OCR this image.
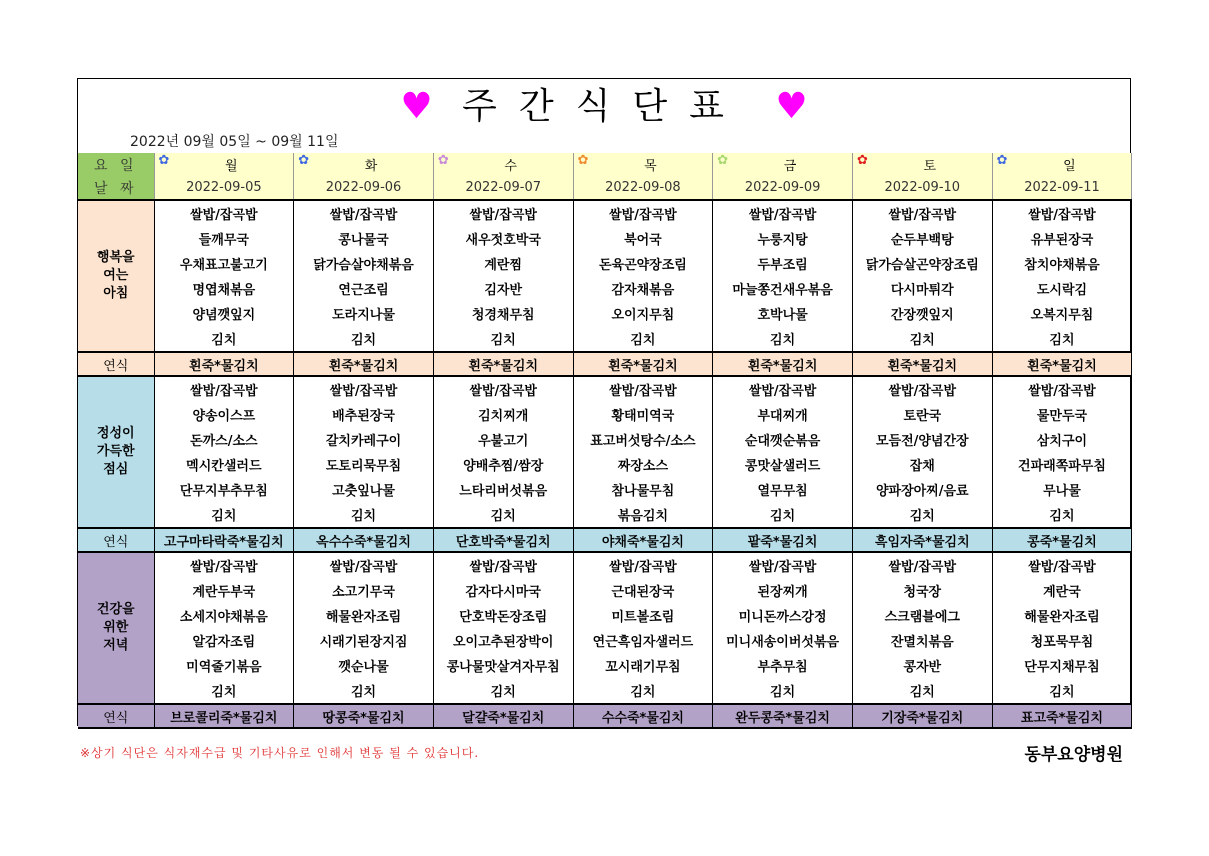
♥ 주간식단표 ♥
2022년 09월 05일 ~ 09월 11일
요 일	✿ 월	✿ 화	✿ 수	✿ 목	✿ 금	✿ 토	✿ 일
날 짜	2022-09-05	2022-09-06	2022-09-07	2022-09-08	2022-09-09	2022-09-10	2022-09-11
행복을
여는
아침	쌀밥/잡곡밥	쌀밥/잡곡밥	쌀밥/잡곡밥	쌀밥/잡곡밥	쌀밥/잡곡밥	쌀밥/잡곡밥	쌀밥/잡곡밥
	들깨무국	콩나물국	새우젓호박국	북어국	누룽지탕	순두부백탕	유부된장국
	우채표고불고기	닭가슴살야채볶음	계란찜	돈육곤약장조림	두부조림	닭가슴살곤약장조림	참치야채볶음
	명엽채볶음	연근조림	김자반	감자채볶음	마늘쫑건새우볶음	다시마튀각	도시락김
	양념깻잎지	도라지나물	청경채무침	오이지무침	호박나물	간장깻잎지	오복지무침
	김치	김치	김치	김치	김치	김치	김치
연식	흰죽*물김치	흰죽*물김치	흰죽*물김치	흰죽*물김치	흰죽*물김치	흰죽*물김치	흰죽*물김치
정성이
가득한
점심	쌀밥/잡곡밥	쌀밥/잡곡밥	쌀밥/잡곡밥	쌀밥/잡곡밥	쌀밥/잡곡밥	쌀밥/잡곡밥	쌀밥/잡곡밥
	양송이스프	배추된장국	김치찌개	황태미역국	부대찌개	토란국	물만두국
	돈까스/소스	갈치카레구이	우불고기	표고버섯탕수/소스	순대깻순볶음	모듬전/양념간장	삼치구이
	멕시칸샐러드	도토리묵무침	양배추찜/쌈장	짜장소스	콩맛살샐러드	잡채	건파래쪽파무침
	단무지부추무침	고춧잎나물	느타리버섯볶음	참나물무침	열무무침	양파장아찌/음료	무나물
	김치	김치	김치	볶음김치	김치	김치	김치
연식	고구마타락죽*물김치	옥수수죽*물김치	단호박죽*물김치	야채죽*물김치	팥죽*물김치	흑임자죽*물김치	콩죽*물김치
건강을
위한
저녁	쌀밥/잡곡밥	쌀밥/잡곡밥	쌀밥/잡곡밥	쌀밥/잡곡밥	쌀밥/잡곡밥	쌀밥/잡곡밥	쌀밥/잡곡밥
	계란두부국	소고기무국	감자다시마국	근대된장국	된장찌개	청국장	계란국
	소세지야채볶음	해물완자조림	단호박돈장조림	미트볼조림	미니돈까스강정	스크램블에그	해물완자조림
	알감자조림	시래기된장지짐	오이고추된장박이	연근흑임자샐러드	미니새송이버섯볶음	잔멸치볶음	청포묵무침
	미역줄기볶음	깻순나물	콩나물맛살겨자무침	꼬시래기무침	부추무침	콩자반	단무지채무침
	김치	김치	김치	김치	김치	김치	김치
연식	브로콜리죽*물김치	땅콩죽*물김치	달걀죽*물김치	수수죽*물김치	완두콩죽*물김치	기장죽*물김치	표고죽*물김치
※상기 식단은 식자재수급 및 기타사유로 인해서 변동 될 수 있습니다.	동부요양병원
